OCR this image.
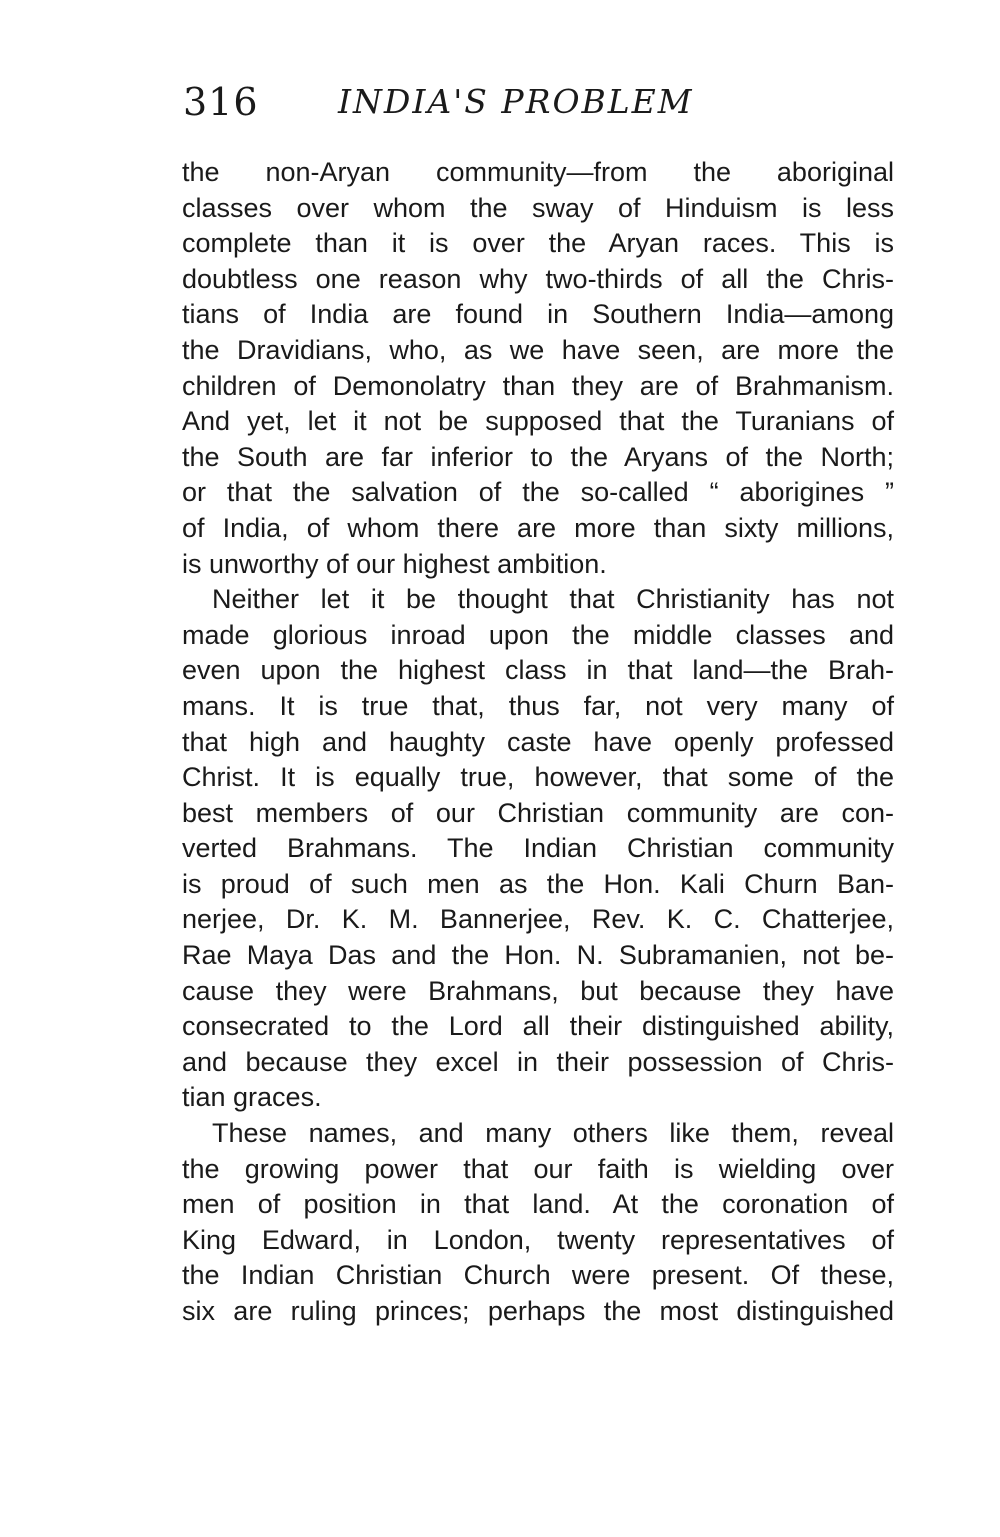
316 INDIA'S PROBLEM
the non-Aryan community—from the aboriginal
classes over whom the sway of Hinduism is less
complete than it is over the Aryan races. This is
doubtless one reason why two-thirds of all the Chris-
tians of India are found in Southern India—among
the Dravidians, who, as we have seen, are more the
children of Demonolatry than they are of Brahmanism.
And yet, let it not be supposed that the Turanians of
the South are far inferior to the Aryans of the North;
or that the salvation of the so-called “ aborigines ”
of India, of whom there are more than sixty millions,
is unworthy of our highest ambition.
Neither let it be thought that Christianity has not
made glorious inroad upon the middle classes and
even upon the highest class in that land—the Brah-
mans. It is true that, thus far, not very many of
that high and haughty caste have openly professed
Christ. It is equally true, however, that some of the
best members of our Christian community are con-
verted Brahmans. The Indian Christian community
is proud of such men as the Hon. Kali Churn Ban-
nerjee, Dr. K. M. Bannerjee, Rev. K. C. Chatterjee,
Rae Maya Das and the Hon. N. Subramanien, not be-
cause they were Brahmans, but because they have
consecrated to the Lord all their distinguished ability,
and because they excel in their possession of Chris-
tian graces.
These names, and many others like them, reveal
the growing power that our faith is wielding over
men of position in that land. At the coronation of
King Edward, in London, twenty representatives of
the Indian Christian Church were present. Of these,
six are ruling princes; perhaps the most distinguished
